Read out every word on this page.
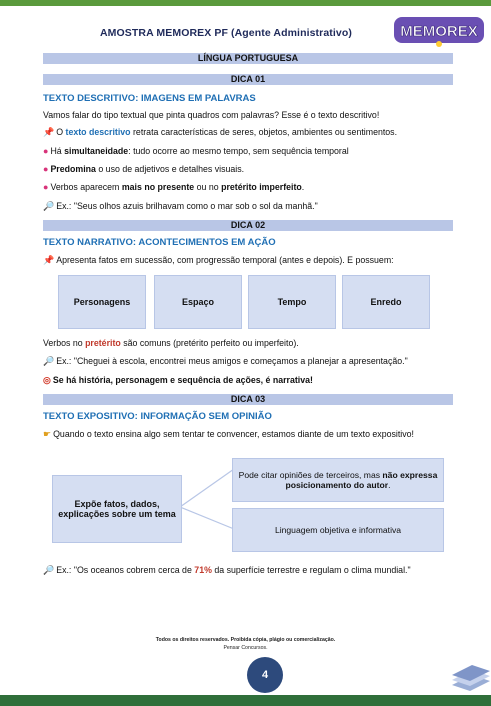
AMOSTRA MEMOREX PF (Agente Administrativo)	MEMOREX
LÍNGUA PORTUGUESA
DICA 01
TEXTO DESCRITIVO: IMAGENS EM PALAVRAS
Vamos falar do tipo textual que pinta quadros com palavras? Esse é o texto descritivo!
📌 O texto descritivo retrata características de seres, objetos, ambientes ou sentimentos.
● Há simultaneidade: tudo ocorre ao mesmo tempo, sem sequência temporal
● Predomina o uso de adjetivos e detalhes visuais.
● Verbos aparecem mais no presente ou no pretérito imperfeito.
🔎 Ex.: "Seus olhos azuis brilhavam como o mar sob o sol da manhã."
DICA 02
TEXTO NARRATIVO: ACONTECIMENTOS EM AÇÃO
📌 Apresenta fatos em sucessão, com progressão temporal (antes e depois). E possuem:
Personagens	Espaço	Tempo	Enredo
Verbos no pretérito são comuns (pretérito perfeito ou imperfeito).
🔎 Ex.: "Cheguei à escola, encontrei meus amigos e começamos a planejar a apresentação."
◎ Se há história, personagem e sequência de ações, é narrativa!
DICA 03
TEXTO EXPOSITIVO: INFORMAÇÃO SEM OPINIÃO
☛ Quando o texto ensina algo sem tentar te convencer, estamos diante de um texto expositivo!
Expõe fatos, dados, explicações sobre um tema
Pode citar opiniões de terceiros, mas não expressa posicionamento do autor.
Linguagem objetiva e informativa
🔎 Ex.: "Os oceanos cobrem cerca de 71% da superfície terrestre e regulam o clima mundial."
Todos os direitos reservados. Proibida cópia, plágio ou comercialização.
Pensar Concursos.
4
